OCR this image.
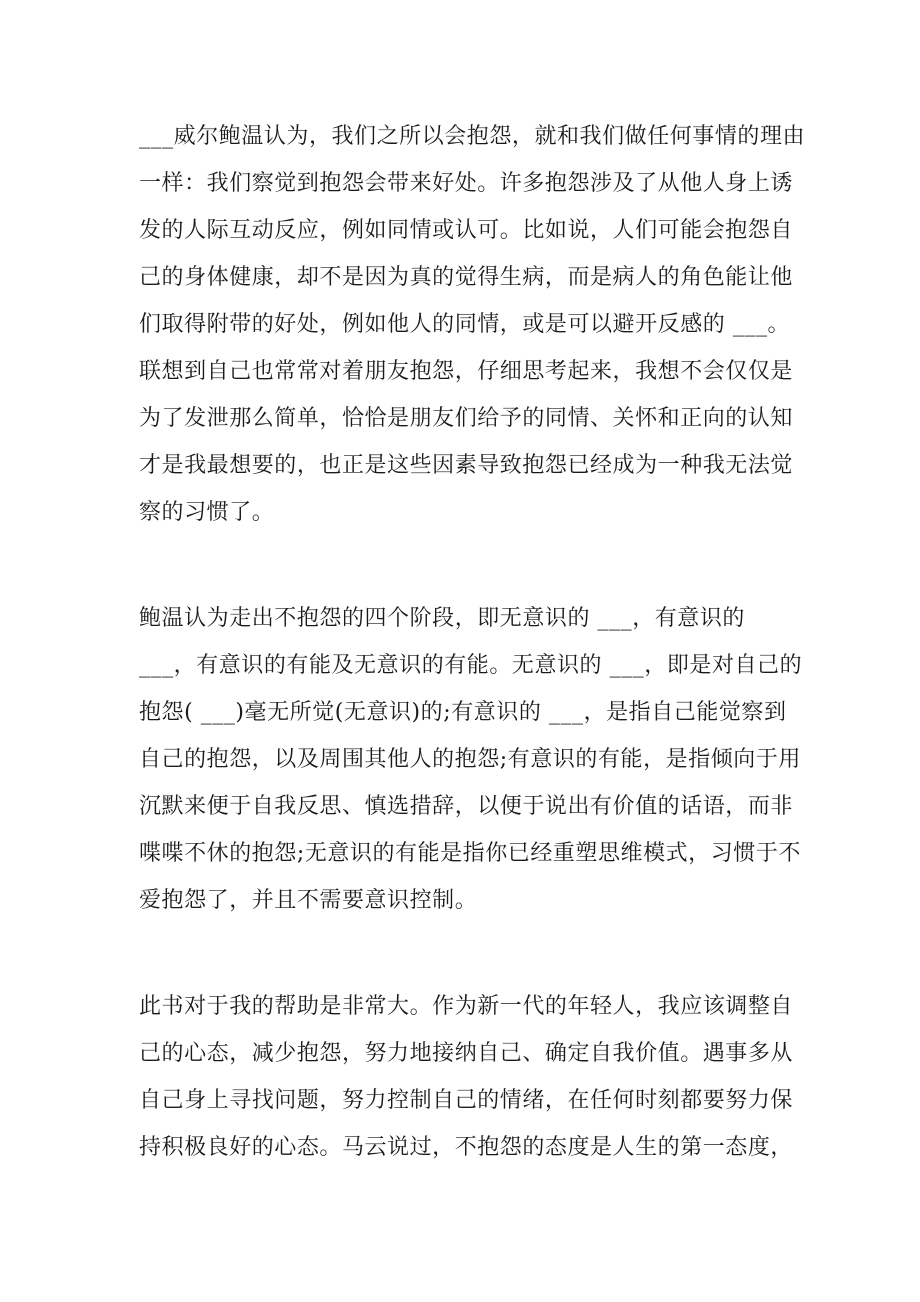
___威尔鲍温认为，我们之所以会抱怨，就和我们做任何事情的理由
一样：我们察觉到抱怨会带来好处。许多抱怨涉及了从他人身上诱
发的人际互动反应，例如同情或认可。比如说，人们可能会抱怨自
己的身体健康，却不是因为真的觉得生病，而是病人的角色能让他
们取得附带的好处，例如他人的同情，或是可以避开反感的 ___。
联想到自己也常常对着朋友抱怨，仔细思考起来，我想不会仅仅是
为了发泄那么简单，恰恰是朋友们给予的同情、关怀和正向的认知
才是我最想要的，也正是这些因素导致抱怨已经成为一种我无法觉
察的习惯了。
鲍温认为走出不抱怨的四个阶段，即无意识的 ___，有意识的
___，有意识的有能及无意识的有能。无意识的 ___，即是对自己的
抱怨( ___)毫无所觉(无意识)的;有意识的 ___，是指自己能觉察到
自己的抱怨，以及周围其他人的抱怨;有意识的有能，是指倾向于用
沉默来便于自我反思、慎选措辞，以便于说出有价值的话语，而非
喋喋不休的抱怨;无意识的有能是指你已经重塑思维模式，习惯于不
爱抱怨了，并且不需要意识控制。
此书对于我的帮助是非常大。作为新一代的年轻人，我应该调整自
己的心态，减少抱怨，努力地接纳自己、确定自我价值。遇事多从
自己身上寻找问题，努力控制自己的情绪，在任何时刻都要努力保
持积极良好的心态。马云说过，不抱怨的态度是人生的第一态度，
